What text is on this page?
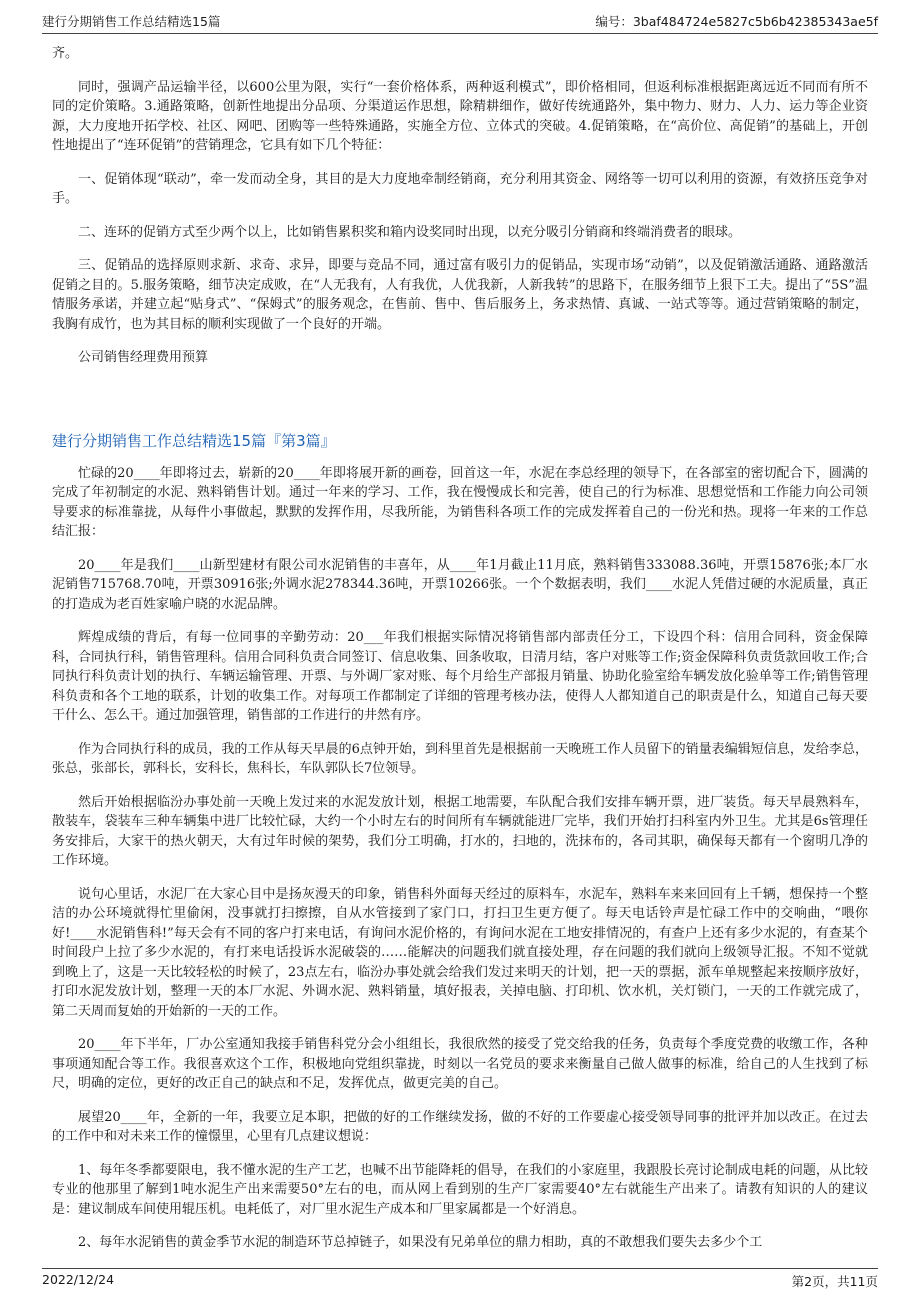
建行分期销售工作总结精选15篇	编号：3baf484724e5827c5b6b42385343ae5f

齐。

同时，强调产品运输半径，以600公里为限，实行“一套价格体系，两种返利模式”，即价格相同，但返利标准根据距离远近不同而有所不同的定价策略。3.通路策略，创新性地提出分品项、分渠道运作思想，除精耕细作，做好传统通路外，集中物力、财力、人力、运力等企业资源，大力度地开拓学校、社区、网吧、团购等一些特殊通路，实施全方位、立体式的突破。4.促销策略，在“高价位、高促销”的基础上，开创性地提出了“连环促销”的营销理念，它具有如下几个特征：

一、促销体现“联动”，牵一发而动全身，其目的是大力度地牵制经销商，充分利用其资金、网络等一切可以利用的资源，有效挤压竞争对手。

二、连环的促销方式至少两个以上，比如销售累积奖和箱内设奖同时出现，以充分吸引分销商和终端消费者的眼球。

三、促销品的选择原则求新、求奇、求异，即要与竞品不同，通过富有吸引力的促销品，实现市场“动销”，以及促销激活通路、通路激活促销之目的。5.服务策略，细节决定成败，在“人无我有，人有我优，人优我新，人新我转”的思路下，在服务细节上狠下工夫。提出了“5S”温情服务承诺，并建立起“贴身式”、“保姆式”的服务观念，在售前、售中、售后服务上，务求热情、真诚、一站式等等。通过营销策略的制定，我胸有成竹，也为其目标的顺利实现做了一个良好的开端。

公司销售经理费用预算

建行分期销售工作总结精选15篇『第3篇』

忙碌的20____年即将过去，崭新的20____年即将展开新的画卷，回首这一年，水泥在李总经理的领导下，在各部室的密切配合下，圆满的完成了年初制定的水泥、熟料销售计划。通过一年来的学习、工作，我在慢慢成长和完善，使自己的行为标准、思想觉悟和工作能力向公司领导要求的标准靠拢，从每件小事做起，默默的发挥作用，尽我所能，为销售科各项工作的完成发挥着自己的一份光和热。现将一年来的工作总结汇报：

20____年是我们____山新型建材有限公司水泥销售的丰喜年，从____年1月截止11月底，熟料销售333088.36吨，开票15876张;本厂水泥销售715768.70吨，开票30916张;外调水泥278344.36吨，开票10266张。一个个数据表明，我们____水泥人凭借过硬的水泥质量，真正的打造成为老百姓家喻户晓的水泥品牌。

辉煌成绩的背后，有每一位同事的辛勤劳动：20___年我们根据实际情况将销售部内部责任分工，下设四个科：信用合同科，资金保障科，合同执行科，销售管理科。信用合同科负责合同签订、信息收集、回条收取，日清月结，客户对账等工作;资金保障科负责货款回收工作;合同执行科负责计划的执行、车辆运输管理、开票、与外调厂家对账、每个月给生产部报月销量、协助化验室给车辆发放化验单等工作;销售管理科负责和各个工地的联系，计划的收集工作。对每项工作都制定了详细的管理考核办法，使得人人都知道自己的职责是什么，知道自己每天要干什么、怎么干。通过加强管理，销售部的工作进行的井然有序。

作为合同执行科的成员，我的工作从每天早晨的6点钟开始，到科里首先是根据前一天晚班工作人员留下的销量表编辑短信息，发给李总，张总，张部长，郭科长，安科长，焦科长，车队郭队长7位领导。

然后开始根据临汾办事处前一天晚上发过来的水泥发放计划，根据工地需要，车队配合我们安排车辆开票，进厂装货。每天早晨熟料车，散装车，袋装车三种车辆集中进厂比较忙碌，大约一个小时左右的时间所有车辆就能进厂完毕，我们开始打扫科室内外卫生。尤其是6s管理任务安排后，大家干的热火朝天，大有过年时候的架势，我们分工明确，打水的，扫地的，洗抹布的，各司其职，确保每天都有一个窗明几净的工作环境。

说句心里话，水泥厂在大家心目中是扬灰漫天的印象，销售科外面每天经过的原料车，水泥车，熟料车来来回回有上千辆，想保持一个整洁的办公环境就得忙里偷闲，没事就打扫擦擦，自从水管接到了家门口，打扫卫生更方便了。每天电话铃声是忙碌工作中的交响曲，“喂你好!____水泥销售科!”每天会有不同的客户打来电话，有询问水泥价格的，有询问水泥在工地安排情况的，有查户上还有多少水泥的，有查某个时间段户上拉了多少水泥的，有打来电话投诉水泥破袋的……能解决的问题我们就直接处理，存在问题的我们就向上级领导汇报。不知不觉就到晚上了，这是一天比较轻松的时候了，23点左右，临汾办事处就会给我们发过来明天的计划，把一天的票据，派车单规整起来按顺序放好，打印水泥发放计划，整理一天的本厂水泥、外调水泥、熟料销量，填好报表，关掉电脑、打印机、饮水机，关灯锁门，一天的工作就完成了，第二天周而复始的开始新的一天的工作。

20____年下半年，厂办公室通知我接手销售科党分会小组组长，我很欣然的接受了党交给我的任务，负责每个季度党费的收缴工作，各种事项通知配合等工作。我很喜欢这个工作，积极地向党组织靠拢，时刻以一名党员的要求来衡量自己做人做事的标准，给自己的人生找到了标尺，明确的定位，更好的改正自己的缺点和不足，发挥优点，做更完美的自己。

展望20____年，全新的一年，我要立足本职，把做的好的工作继续发扬，做的不好的工作要虚心接受领导同事的批评并加以改正。在过去的工作中和对未来工作的憧憬里，心里有几点建议想说：

1、每年冬季都要限电，我不懂水泥的生产工艺，也喊不出节能降耗的倡导，在我们的小家庭里，我跟股长亮讨论制成电耗的问题，从比较专业的他那里了解到1吨水泥生产出来需要50°左右的电，而从网上看到别的生产厂家需要40°左右就能生产出来了。请教有知识的人的建议是：建议制成车间使用辊压机。电耗低了，对厂里水泥生产成本和厂里家属都是一个好消息。

2、每年水泥销售的黄金季节水泥的制造环节总掉链子，如果没有兄弟单位的鼎力相助，真的不敢想我们要失去多少个工

2022/12/24	第2页，共11页
